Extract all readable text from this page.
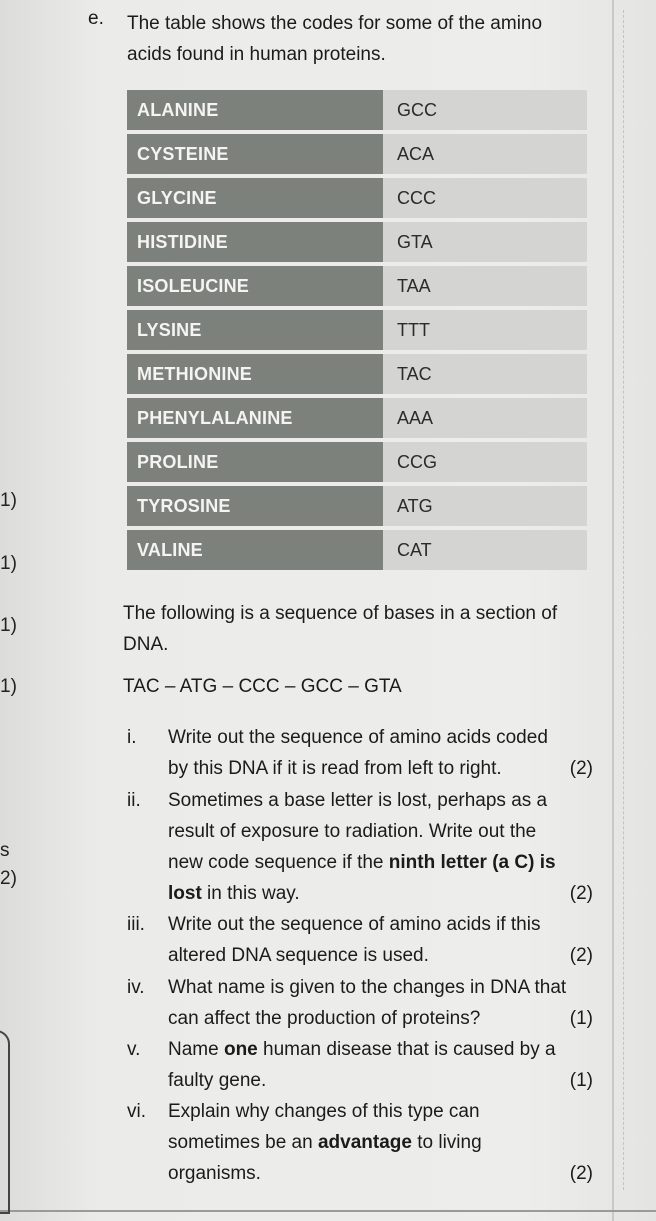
1)
1)
1)
1)
s
2)
e. The table shows the codes for some of the amino acids found in human proteins.
ALANINE	GCC
CYSTEINE	ACA
GLYCINE	CCC
HISTIDINE	GTA
ISOLEUCINE	TAA
LYSINE	TTT
METHIONINE	TAC
PHENYLALANINE	AAA
PROLINE	CCG
TYROSINE	ATG
VALINE	CAT
The following is a sequence of bases in a section of DNA.
TAC – ATG – CCC – GCC – GTA
i.	Write out the sequence of amino acids coded by this DNA if it is read from left to right.	(2)
ii.	Sometimes a base letter is lost, perhaps as a result of exposure to radiation. Write out the new code sequence if the ninth letter (a C) is lost in this way.	(2)
iii.	Write out the sequence of amino acids if this altered DNA sequence is used.	(2)
iv.	What name is given to the changes in DNA that can affect the production of proteins?	(1)
v.	Name one human disease that is caused by a faulty gene.	(1)
vi.	Explain why changes of this type can sometimes be an advantage to living organisms.	(2)
